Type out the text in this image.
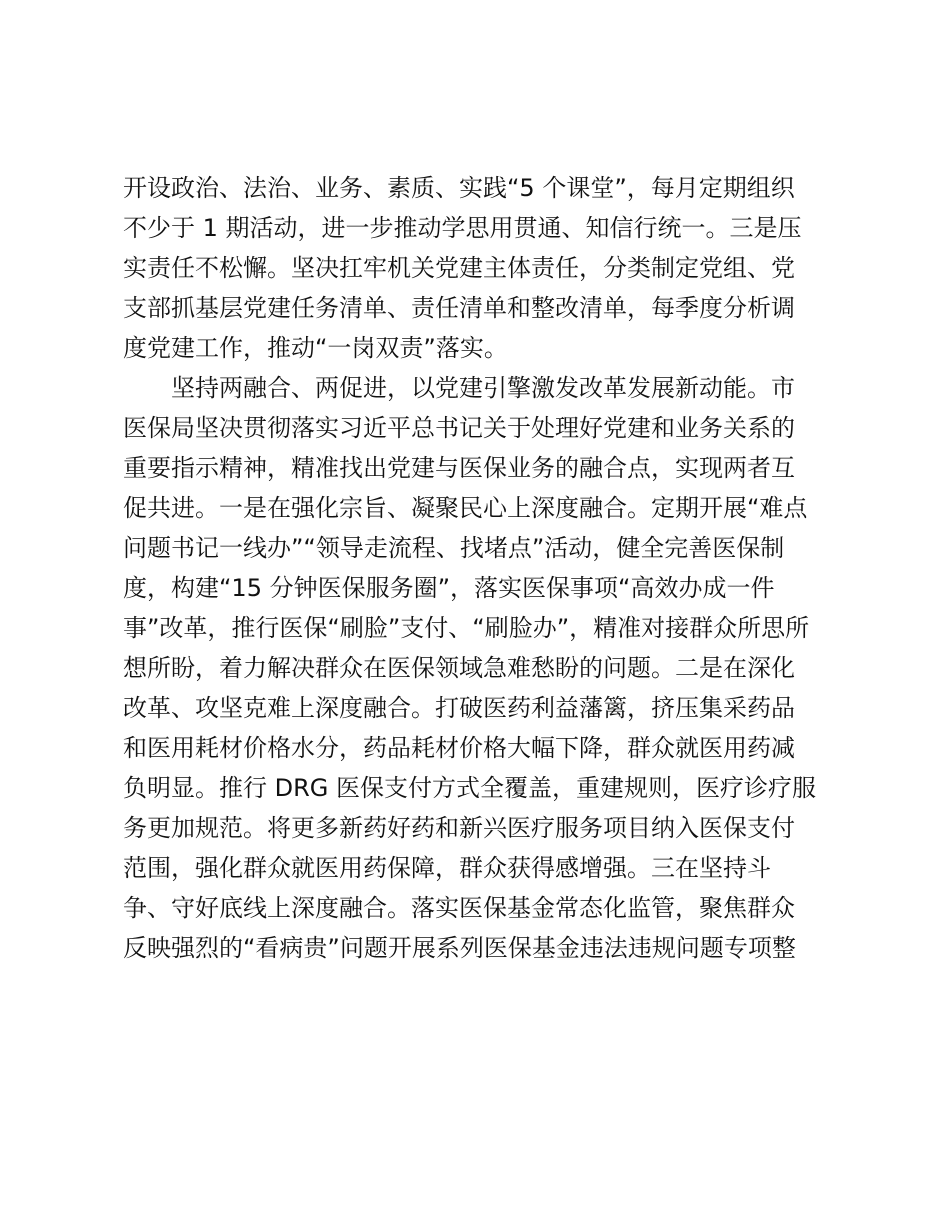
开设政治、法治、业务、素质、实践“5 个课堂”，每月定期组织
不少于 1 期活动，进一步推动学思用贯通、知信行统一。三是压
实责任不松懈。坚决扛牢机关党建主体责任，分类制定党组、党
支部抓基层党建任务清单、责任清单和整改清单，每季度分析调
度党建工作，推动“一岗双责”落实。
坚持两融合、两促进，以党建引擎激发改革发展新动能。市
医保局坚决贯彻落实习近平总书记关于处理好党建和业务关系的
重要指示精神，精准找出党建与医保业务的融合点，实现两者互
促共进。一是在强化宗旨、凝聚民心上深度融合。定期开展“难点
问题书记一线办”“领导走流程、找堵点”活动，健全完善医保制
度，构建“15 分钟医保服务圈”，落实医保事项“高效办成一件
事”改革，推行医保“刷脸”支付、“刷脸办”，精准对接群众所思所
想所盼，着力解决群众在医保领域急难愁盼的问题。二是在深化
改革、攻坚克难上深度融合。打破医药利益藩篱，挤压集采药品
和医用耗材价格水分，药品耗材价格大幅下降，群众就医用药减
负明显。推行 DRG 医保支付方式全覆盖，重建规则，医疗诊疗服
务更加规范。将更多新药好药和新兴医疗服务项目纳入医保支付
范围，强化群众就医用药保障，群众获得感增强。三在坚持斗
争、守好底线上深度融合。落实医保基金常态化监管，聚焦群众
反映强烈的“看病贵”问题开展系列医保基金违法违规问题专项整
